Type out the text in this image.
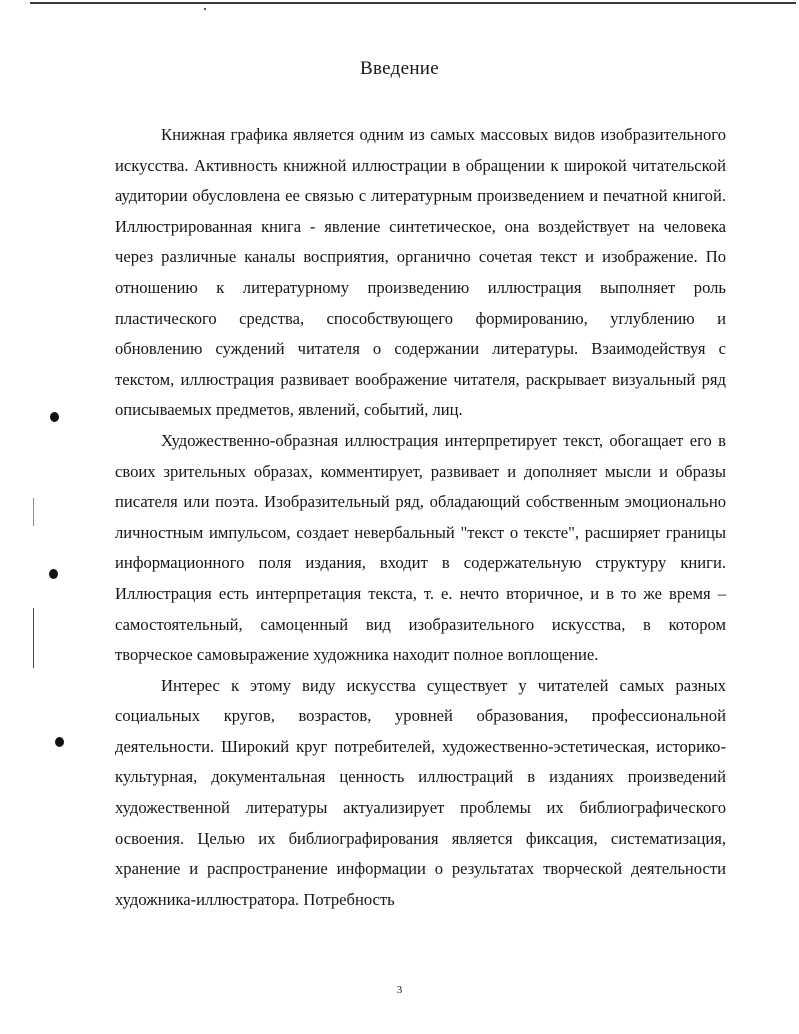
Введение

Книжная графика является одним из самых массовых видов изобразительного искусства. Активность книжной иллюстрации в обращении к широкой читательской аудитории обусловлена ее связью с литературным произведением и печатной книгой. Иллюстрированная книга - явление синтетическое, она воздействует на человека через различные каналы восприятия, органично сочетая текст и изображение. По отношению к литературному произведению иллюстрация выполняет роль пластического средства, способствующего формированию, углублению и обновлению суждений читателя о содержании литературы. Взаимодействуя с текстом, иллюстрация развивает воображение читателя, раскрывает визуальный ряд описываемых предметов, явлений, событий, лиц.

Художественно-образная иллюстрация интерпретирует текст, обогащает его в своих зрительных образах, комментирует, развивает и дополняет мысли и образы писателя или поэта. Изобразительный ряд, обладающий собственным эмоционально личностным импульсом, создает невербальный "текст о тексте", расширяет границы информационного поля издания, входит в содержательную структуру книги. Иллюстрация есть интерпретация текста, т. е. нечто вторичное, и в то же время – самостоятельный, самоценный вид изобразительного искусства, в котором творческое самовыражение художника находит полное воплощение.

Интерес к этому виду искусства существует у читателей самых разных социальных кругов, возрастов, уровней образования, профессиональной деятельности. Широкий круг потребителей, художественно-эстетическая, историко-культурная, документальная ценность иллюстраций в изданиях произведений художественной литературы актуализирует проблемы их библиографического освоения. Целью их библиографирования является фиксация, систематизация, хранение и распространение информации о результатах творческой деятельности художника-иллюстратора. Потребность

3
